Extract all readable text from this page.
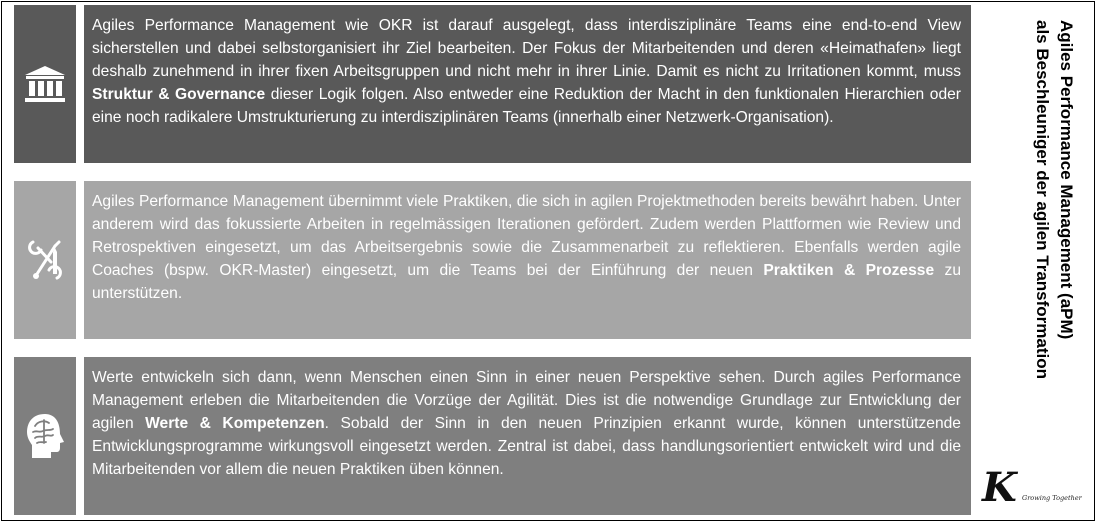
Agiles Performance Management wie OKR ist darauf ausgelegt, dass interdisziplinäre Teams eine end-to-end View sicherstellen und dabei selbstorganisiert ihr Ziel bearbeiten. Der Fokus der Mitarbeitenden und deren «Heimathafen» liegt deshalb zunehmend in ihrer fixen Arbeitsgruppen und nicht mehr in ihrer Linie. Damit es nicht zu Irritationen kommt, muss Struktur & Governance dieser Logik folgen. Also entweder eine Reduktion der Macht in den funktionalen Hierarchien oder eine noch radikalere Umstrukturierung zu interdisziplinären Teams (innerhalb einer Netzwerk-Organisation).
Agiles Performance Management übernimmt viele Praktiken, die sich in agilen Projektmethoden bereits bewährt haben. Unter anderem wird das fokussierte Arbeiten in regelmässigen Iterationen gefördert. Zudem werden Plattformen wie Review und Retrospektiven eingesetzt, um das Arbeitsergebnis sowie die Zusammenarbeit zu reflektieren. Ebenfalls werden agile Coaches (bspw. OKR-Master) eingesetzt, um die Teams bei der Einführung der neuen Praktiken & Prozesse zu unterstützen.
Werte entwickeln sich dann, wenn Menschen einen Sinn in einer neuen Perspektive sehen. Durch agiles Performance Management erleben die Mitarbeitenden die Vorzüge der Agilität. Dies ist die notwendige Grundlage zur Entwicklung der agilen Werte & Kompetenzen. Sobald der Sinn in den neuen Prinzipien erkannt wurde, können unterstützende Entwicklungsprogramme wirkungsvoll eingesetzt werden. Zentral ist dabei, dass handlungsorientiert entwickelt wird und die Mitarbeitenden vor allem die neuen Praktiken üben können.
Agiles Performance Management (aPM)
als Beschleuniger der agilen Transformation
K Growing Together
